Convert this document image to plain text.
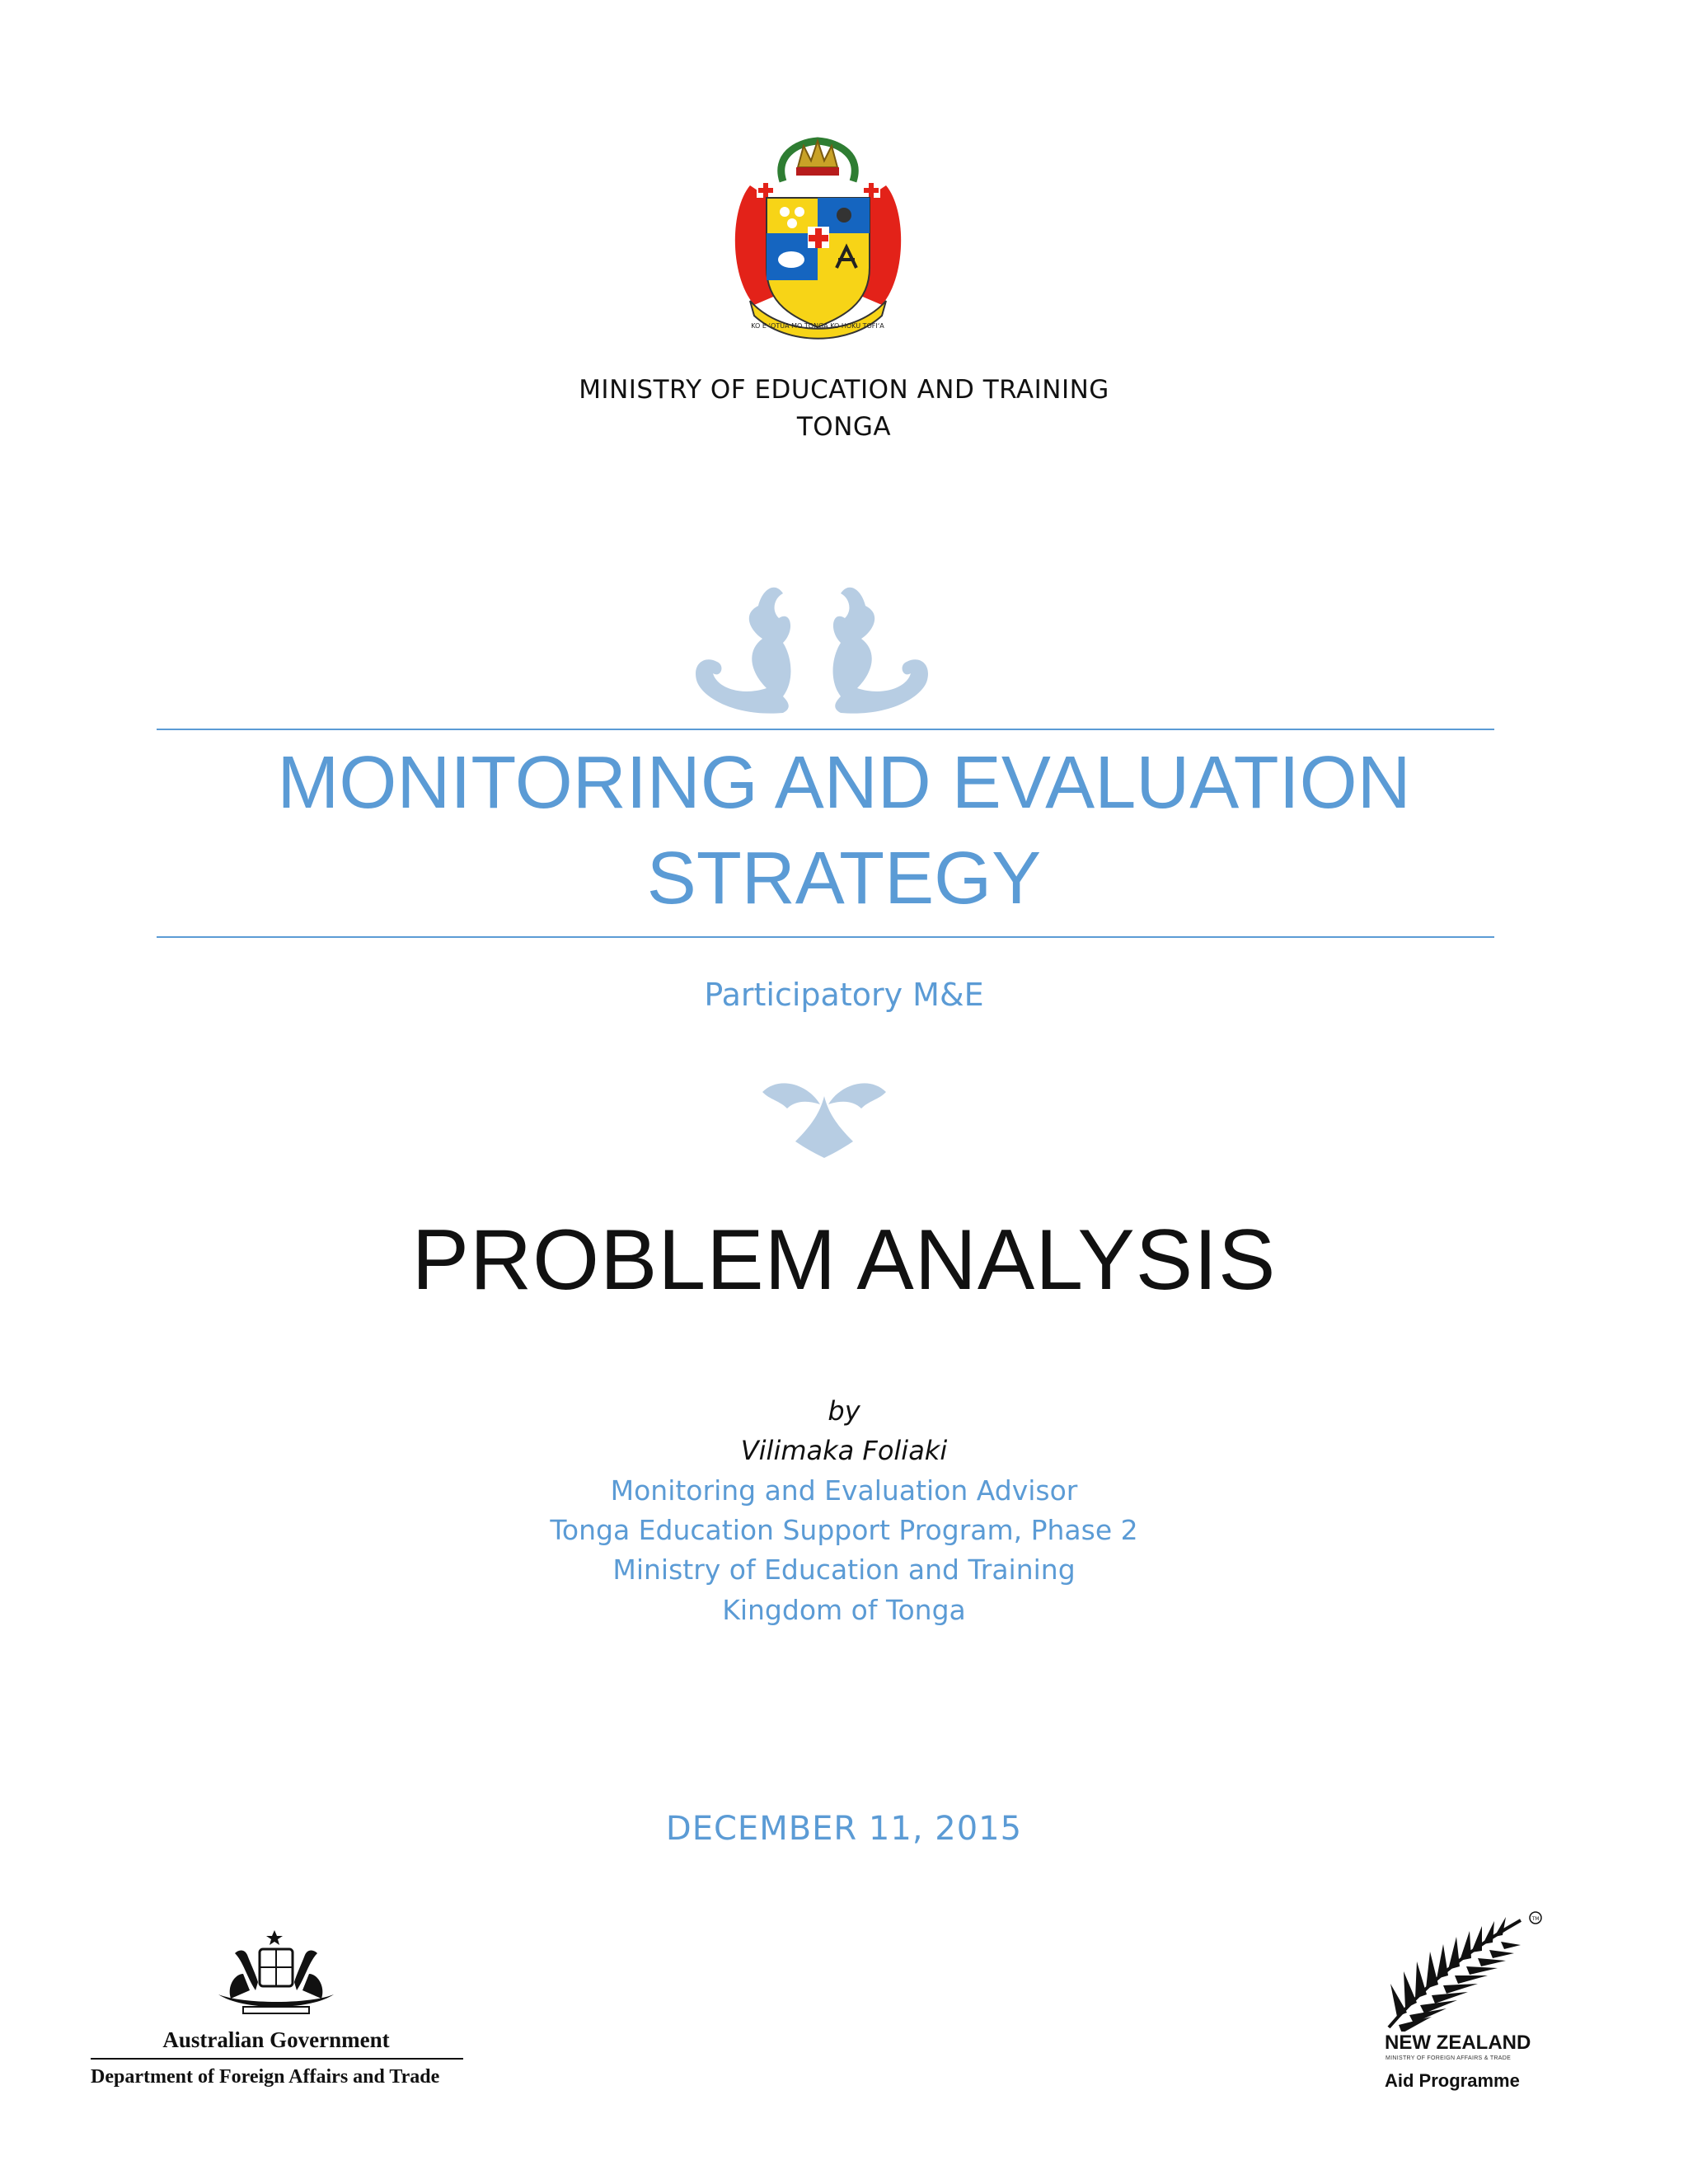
KO E ʻOTUA MO TONGA KO HOKU TOFIʻA
MINISTRY OF EDUCATION AND TRAINING
TONGA
MONITORING AND EVALUATION
STRATEGY
Participatory M&E
PROBLEM ANALYSIS
by
Vilimaka Foliaki
Monitoring and Evaluation Advisor
Tonga Education Support Program, Phase 2
Ministry of Education and Training
Kingdom of Tonga
DECEMBER 11, 2015
Australian Government
Department of Foreign Affairs and Trade
TM
NEW ZEALAND
MINISTRY OF FOREIGN AFFAIRS & TRADE
Aid Programme
